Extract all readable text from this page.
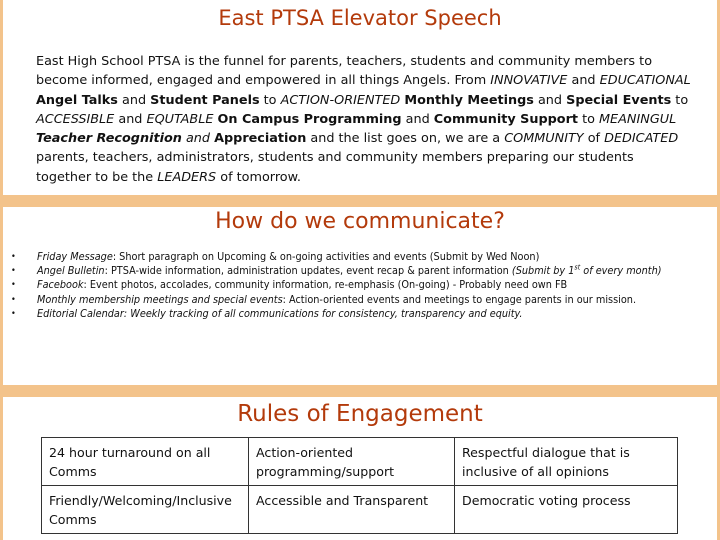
East PTSA Elevator Speech
East High School PTSA is the funnel for parents, teachers, students and community members to become informed, engaged and empowered in all things Angels. From INNOVATIVE and EDUCATIONAL Angel Talks and Student Panels to ACTION-ORIENTED Monthly Meetings and Special Events to ACCESSIBLE and EQUTABLE On Campus Programming and Community Support to MEANINGUL Teacher Recognition and Appreciation and the list goes on, we are a COMMUNITY of DEDICATED parents, teachers, administrators, students and community members preparing our students together to be the LEADERS of tomorrow.
How do we communicate?
• Friday Message: Short paragraph on Upcoming & on-going activities and events (Submit by Wed Noon)
• Angel Bulletin: PTSA-wide information, administration updates, event recap & parent information (Submit by 1st of every month)
• Facebook: Event photos, accolades, community information, re-emphasis (On-going) - Probably need own FB
• Monthly membership meetings and special events: Action-oriented events and meetings to engage parents in our mission.
• Editorial Calendar: Weekly tracking of all communications for consistency, transparency and equity.
Rules of Engagement
24 hour turnaround on all Comms	Action-oriented programming/support	Respectful dialogue that is inclusive of all opinions
Friendly/Welcoming/Inclusive Comms	Accessible and Transparent	Democratic voting process
